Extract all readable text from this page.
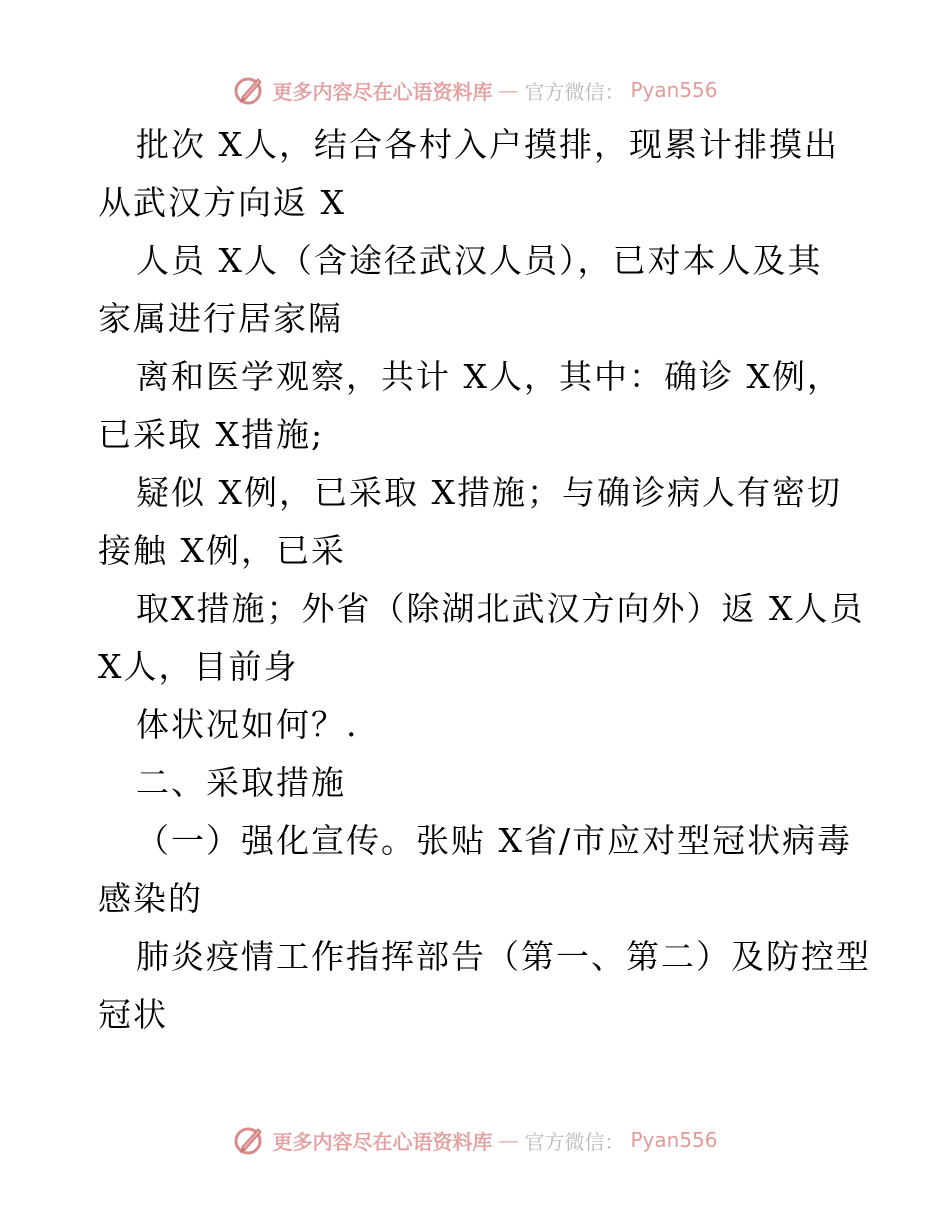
更多内容尽在心语资料库 — 官方微信： Pyan556
批次 X人，结合各村入户摸排，现累计排摸出
从武汉方向返 X
人员 X人（含途径武汉人员），已对本人及其
家属进行居家隔
离和医学观察，共计 X人，其中：确诊 X例，
已采取 X措施;
疑似 X例，已采取 X措施；与确诊病人有密切
接触 X例，已采
取X措施；外省（除湖北武汉方向外）返 X人员
X人，目前身
体状况如何？.
二、采取措施
（一）强化宣传。张贴 X省/市应对型冠状病毒
感染的
肺炎疫情工作指挥部告（第一、第二）及防控型
冠状
更多内容尽在心语资料库 — 官方微信： Pyan556
